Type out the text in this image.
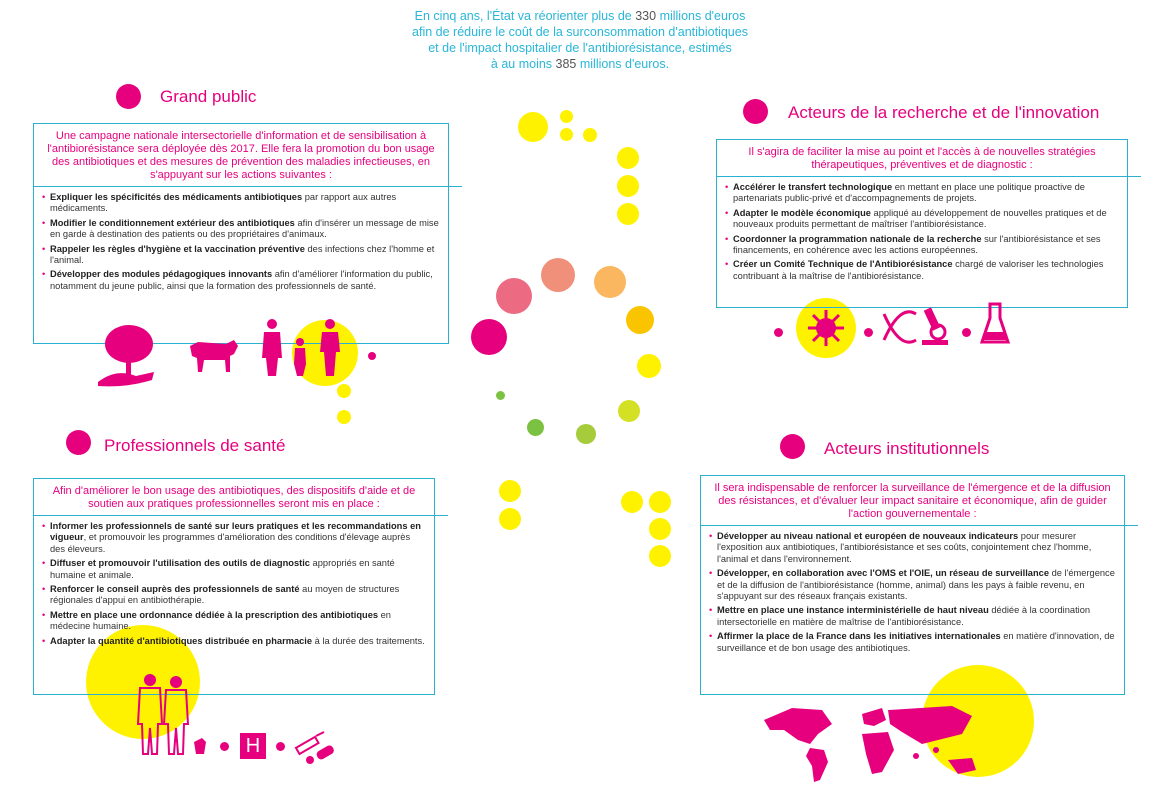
En cinq ans, l'État va réorienter plus de 330 millions d'euros
afin de réduire le coût de la surconsommation d'antibiotiques
et de l'impact hospitalier de l'antibiorésistance, estimés
à au moins 385 millions d'euros.
Grand public
Une campagne nationale intersectorielle d'information et de sensibilisation à l'antibiorésistance sera déployée dès 2017. Elle fera la promotion du bon usage des antibiotiques et des mesures de prévention des maladies infectieuses, en s'appuyant sur les actions suivantes :
• Expliquer les spécificités des médicaments antibiotiques par rapport aux autres médicaments.
• Modifier le conditionnement extérieur des antibiotiques afin d'insérer un message de mise en garde à destination des patients ou des propriétaires d'animaux.
• Rappeler les règles d'hygiène et la vaccination préventive des infections chez l'homme et l'animal.
• Développer des modules pédagogiques innovants afin d'améliorer l'information du public, notamment du jeune public, ainsi que la formation des professionnels de santé.
Acteurs de la recherche et de l'innovation
Il s'agira de faciliter la mise au point et l'accès à de nouvelles stratégies thérapeutiques, préventives et de diagnostic :
• Accélérer le transfert technologique en mettant en place une politique proactive de partenariats public-privé et d'accompagnements de projets.
• Adapter le modèle économique appliqué au développement de nouvelles pratiques et de nouveaux produits permettant de maîtriser l'antibiorésistance.
• Coordonner la programmation nationale de la recherche sur l'antibiorésistance et ses financements, en cohérence avec les actions européennes.
• Créer un Comité Technique de l'Antibiorésistance chargé de valoriser les technologies contribuant à la maîtrise de l'antibiorésistance.
Professionnels de santé
Afin d'améliorer le bon usage des antibiotiques, des dispositifs d'aide et de soutien aux pratiques professionnelles seront mis en place :
• Informer les professionnels de santé sur leurs pratiques et les recommandations en vigueur, et promouvoir les programmes d'amélioration des conditions d'élevage auprès des éleveurs.
• Diffuser et promouvoir l'utilisation des outils de diagnostic appropriés en santé humaine et animale.
• Renforcer le conseil auprès des professionnels de santé au moyen de structures régionales d'appui en antibiothérapie.
• Mettre en place une ordonnance dédiée à la prescription des antibiotiques en médecine humaine.
• Adapter la quantité d'antibiotiques distribuée en pharmacie à la durée des traitements.
H
Acteurs institutionnels
Il sera indispensable de renforcer la surveillance de l'émergence et de la diffusion des résistances, et d'évaluer leur impact sanitaire et économique, afin de guider l'action gouvernementale :
• Développer au niveau national et européen de nouveaux indicateurs pour mesurer l'exposition aux antibiotiques, l'antibiorésistance et ses coûts, conjointement chez l'homme, l'animal et dans l'environnement.
• Développer, en collaboration avec l'OMS et l'OIE, un réseau de surveillance de l'émergence et de la diffusion de l'antibiorésistance (homme, animal) dans les pays à faible revenu, en s'appuyant sur des réseaux français existants.
• Mettre en place une instance interministérielle de haut niveau dédiée à la coordination intersectorielle en matière de maîtrise de l'antibiorésistance.
• Affirmer la place de la France dans les initiatives internationales en matière d'innovation, de surveillance et de bon usage des antibiotiques.
